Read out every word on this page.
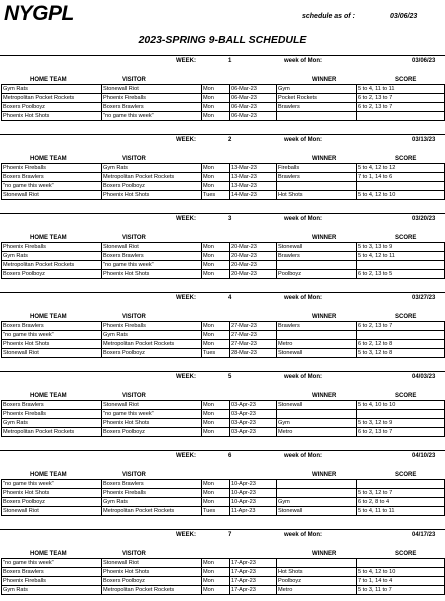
NYGPL	schedule as of :	03/06/23
2023-SPRING 9-BALL SCHEDULE
WEEK:	1	week of Mon:	03/06/23
HOME TEAM	VISITOR	WINNER	SCORE
Gym Rats	Stonewall Riot	Mon	06-Mar-23	Gym	5 to 4, 11 to 11
Metropolitan Pocket Rockets	Phoenix Fireballs	Mon	06-Mar-23	Pocket Rockets	6 to 2, 13 to 7
Boxers Poolboyz	Boxers Brawlers	Mon	06-Mar-23	Brawlers	6 to 2, 13 to 7
Phoenix Hot Shots	"no game this week"	Mon	06-Mar-23		
WEEK:	2	week of Mon:	03/13/23
HOME TEAM	VISITOR	WINNER	SCORE
Phoenix Fireballs	Gym Rats	Mon	13-Mar-23	Fireballs	5 to 4, 12 to 12
Boxers Brawlers	Metropolitan Pocket Rockets	Mon	13-Mar-23	Brawlers	7 to 1, 14 to 6
"no game this week"	Boxers Poolboyz	Mon	13-Mar-23		
Stonewall Riot	Phoenix Hot Shots	Tues	14-Mar-23	Hot Shots	5 to 4, 12 to 10
WEEK:	3	week of Mon:	03/20/23
HOME TEAM	VISITOR	WINNER	SCORE
Phoenix Fireballs	Stonewall Riot	Mon	20-Mar-23	Stonewall	5 to 3, 13 to 9
Gym Rats	Boxers Brawlers	Mon	20-Mar-23	Brawlers	5 to 4, 12 to 11
Metropolitan Pocket Rockets	"no game this week"	Mon	20-Mar-23		
Boxers Poolboyz	Phoenix Hot Shots	Mon	20-Mar-23	Poolboyz	6 to 2, 13 to 5
WEEK:	4	week of Mon:	03/27/23
HOME TEAM	VISITOR	WINNER	SCORE
Boxers Brawlers	Phoenix Fireballs	Mon	27-Mar-23	Brawlers	6 to 2, 13 to 7
"no game this week"	Gym Rats	Mon	27-Mar-23		
Phoenix Hot Shots	Metropolitan Pocket Rockets	Mon	27-Mar-23	Metro	6 to 2, 12 to 8
Stonewall Riot	Boxers Poolboyz	Tues	28-Mar-23	Stonewall	5 to 3, 12 to 8
WEEK:	5	week of Mon:	04/03/23
HOME TEAM	VISITOR	WINNER	SCORE
Boxers Brawlers	Stonewall Riot	Mon	03-Apr-23	Stonewall	5 to 4, 10 to 10
Phoenix Fireballs	"no game this week"	Mon	03-Apr-23		
Gym Rats	Phoenix Hot Shots	Mon	03-Apr-23	Gym	5 to 3, 12 to 9
Metropolitan Pocket Rockets	Boxers Poolboyz	Mon	03-Apr-23	Metro	6 to 2, 13 to 7
WEEK:	6	week of Mon:	04/10/23
HOME TEAM	VISITOR	WINNER	SCORE
"no game this week"	Boxers Brawlers	Mon	10-Apr-23		
Phoenix Hot Shots	Phoenix Fireballs	Mon	10-Apr-23		5 to 3, 12 to 7
Boxers Poolboyz	Gym Rats	Mon	10-Apr-23	Gym	6 to 2, 8 to 4
Stonewall Riot	Metropolitan Pocket Rockets	Tues	11-Apr-23	Stonewall	5 to 4, 11 to 11
WEEK:	7	week of Mon:	04/17/23
HOME TEAM	VISITOR	WINNER	SCORE
"no game this week"	Stonewall Riot	Mon	17-Apr-23		
Boxers Brawlers	Phoenix Hot Shots	Mon	17-Apr-23	Hot Shots	5 to 4, 12 to 10
Phoenix Fireballs	Boxers Poolboyz	Mon	17-Apr-23	Poolboyz	7 to 1, 14 to 4
Gym Rats	Metropolitan Pocket Rockets	Mon	17-Apr-23	Metro	5 to 3, 11 to 7
